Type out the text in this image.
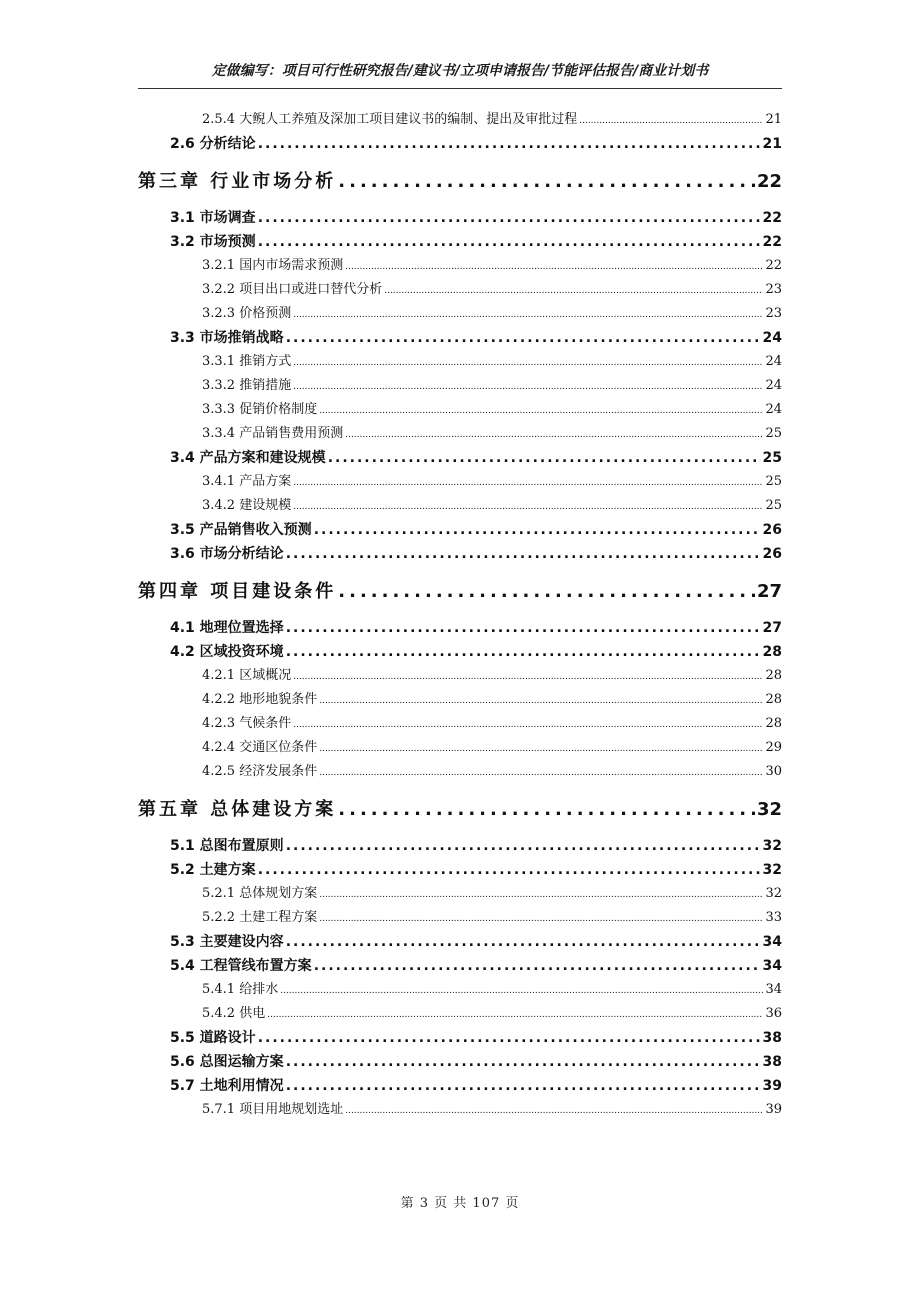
定做编写：项目可行性研究报告/建议书/立项申请报告/节能评估报告/商业计划书
2.5.4 大鲵人工养殖及深加工项目建议书的编制、提出及审批过程 .....	21
2.6 分析结论 .....	21
第三章 行业市场分析 .....	22
3.1 市场调查 .....	22
3.2 市场预测 .....	22
3.2.1 国内市场需求预测 .....	22
3.2.2 项目出口或进口替代分析 .....	23
3.2.3 价格预测 .....	23
3.3 市场推销战略 .....	24
3.3.1 推销方式 .....	24
3.3.2 推销措施 .....	24
3.3.3 促销价格制度 .....	24
3.3.4 产品销售费用预测 .....	25
3.4 产品方案和建设规模 .....	25
3.4.1 产品方案 .....	25
3.4.2 建设规模 .....	25
3.5 产品销售收入预测 .....	26
3.6 市场分析结论 .....	26
第四章 项目建设条件 .....	27
4.1 地理位置选择 .....	27
4.2 区域投资环境 .....	28
4.2.1 区域概况 .....	28
4.2.2 地形地貌条件 .....	28
4.2.3 气候条件 .....	28
4.2.4 交通区位条件 .....	29
4.2.5 经济发展条件 .....	30
第五章 总体建设方案 .....	32
5.1 总图布置原则 .....	32
5.2 土建方案 .....	32
5.2.1 总体规划方案 .....	32
5.2.2 土建工程方案 .....	33
5.3 主要建设内容 .....	34
5.4 工程管线布置方案 .....	34
5.4.1 给排水 .....	34
5.4.2 供电 .....	36
5.5 道路设计 .....	38
5.6 总图运输方案 .....	38
5.7 土地利用情况 .....	39
5.7.1 项目用地规划选址 .....	39
第 3 页 共 107 页
